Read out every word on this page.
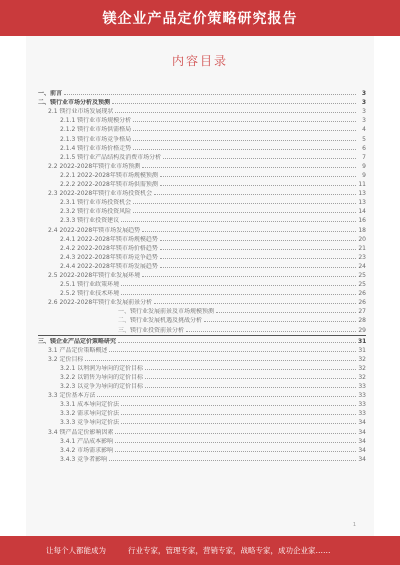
镁企业产品定价策略研究报告
内容目录
一、前言	3
二、镁行业市场分析及预测	3
2.1 镁行业市场发展现状	3
2.1.1 镁行业市场规模分析	3
2.1.2 镁行业市场供需格局	4
2.1.3 镁行业市场竞争格局	5
2.1.4 镁行业市场价格走势	6
2.1.5 镁行业产品结构及消费市场分析	7
2.2 2022-2028年镁行业市场预测	9
2.2.1 2022-2028年镁市场规模预测	9
2.2.2 2022-2028年镁市场供需预测	11
2.3 2022-2028年镁行业市场投资机会	13
2.3.1 镁行业市场投资机会	13
2.3.2 镁行业市场投资风险	14
2.3.3 镁行业投资建议	16
2.4 2022-2028年镁市场发展趋势	18
2.4.1 2022-2028年镁市场规模趋势	20
2.4.2 2022-2028年镁市场价格趋势	21
2.4.3 2022-2028年镁市场竞争趋势	23
2.4.4 2022-2028年镁市场发展趋势	24
2.5 2022-2028年镁行业发展环境	25
2.5.1 镁行业政策环境	25
2.5.2 镁行业技术环境	26
2.6 2022-2028年镁行业发展前景分析	26
一、镁行业发展前景及市场规模预测	27
二、镁行业发展机遇及挑战分析	28
三、镁行业投资前景分析	29
三、镁企业产品定价策略研究	31
3.1 产品定价策略概述	31
3.2 定价目标	32
3.2.1 以利润为导向的定价目标	32
3.2.2 以销售为导向的定价目标	32
3.2.3 以竞争为导向的定价目标	33
3.3 定价基本方法	33
3.3.1 成本导向定价法	33
3.3.2 需求导向定价法	33
3.3.3 竞争导向定价法	34
3.4 镁产品定价影响因素	34
3.4.1 产品成本影响	34
3.4.2 市场需求影响	34
3.4.3 竞争者影响	34
1
让每个人都能成为	行业专家，管理专家，营销专家，战略专家，成功企业家……
